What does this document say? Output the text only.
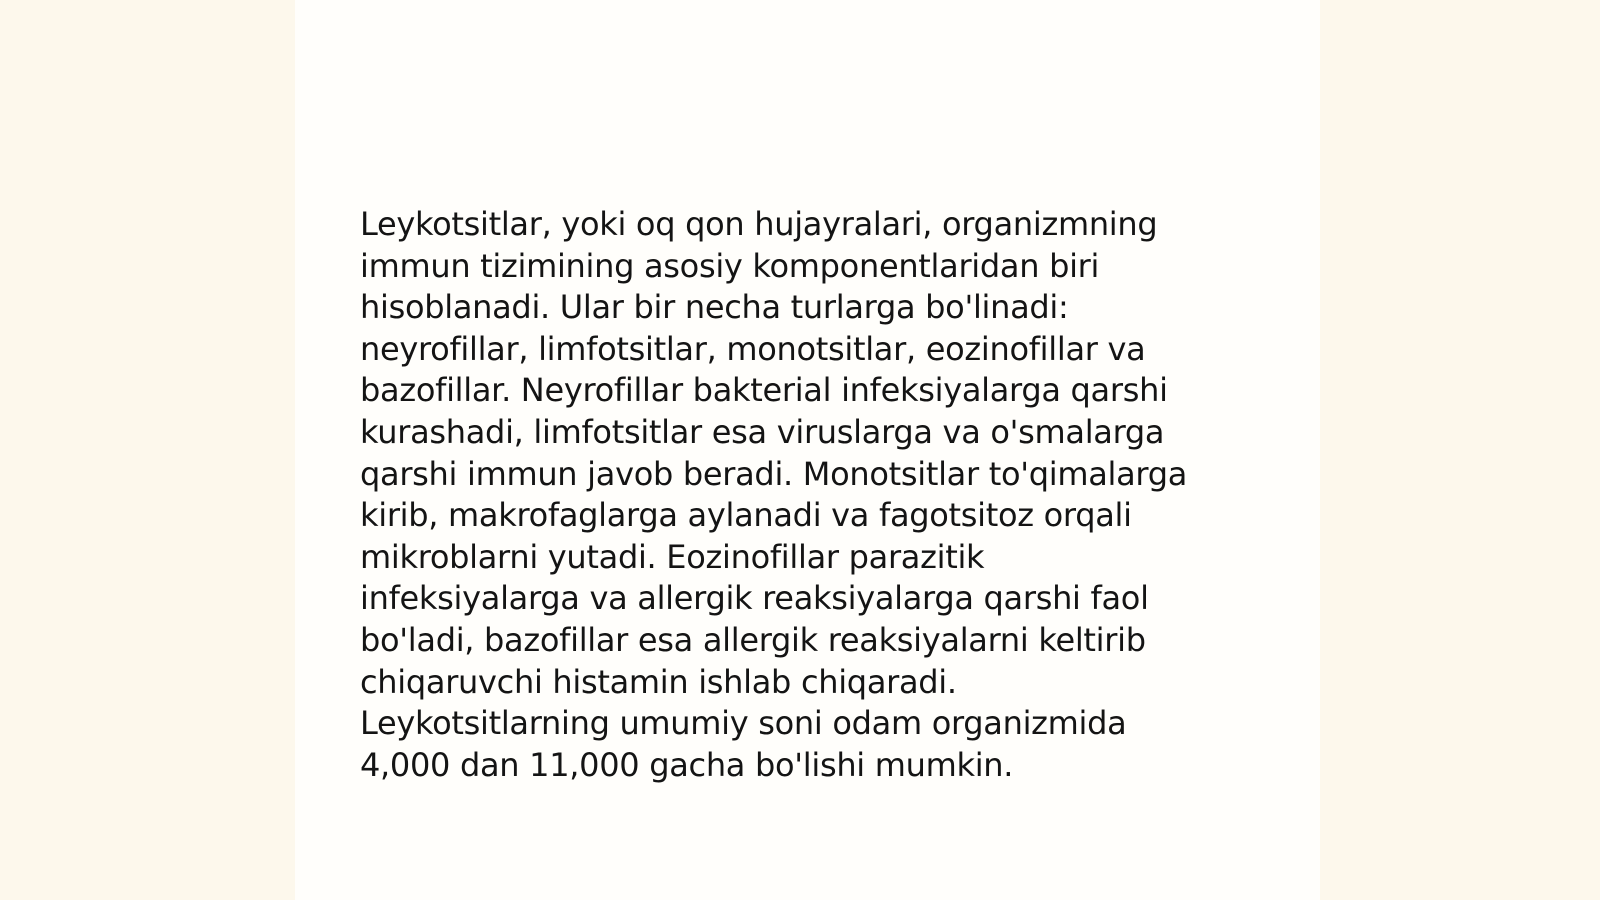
Leykotsitlar, yoki oq qon hujayralari, organizmning
immun tizimining asosiy komponentlaridan biri
hisoblanadi. Ular bir necha turlarga bo'linadi:
neyrofillar, limfotsitlar, monotsitlar, eozinofillar va
bazofillar. Neyrofillar bakterial infeksiyalarga qarshi
kurashadi, limfotsitlar esa viruslarga va o'smalarga
qarshi immun javob beradi. Monotsitlar to'qimalarga
kirib, makrofaglarga aylanadi va fagotsitoz orqali
mikroblarni yutadi. Eozinofillar parazitik
infeksiyalarga va allergik reaksiyalarga qarshi faol
bo'ladi, bazofillar esa allergik reaksiyalarni keltirib
chiqaruvchi histamin ishlab chiqaradi.
Leykotsitlarning umumiy soni odam organizmida
4,000 dan 11,000 gacha bo'lishi mumkin.
